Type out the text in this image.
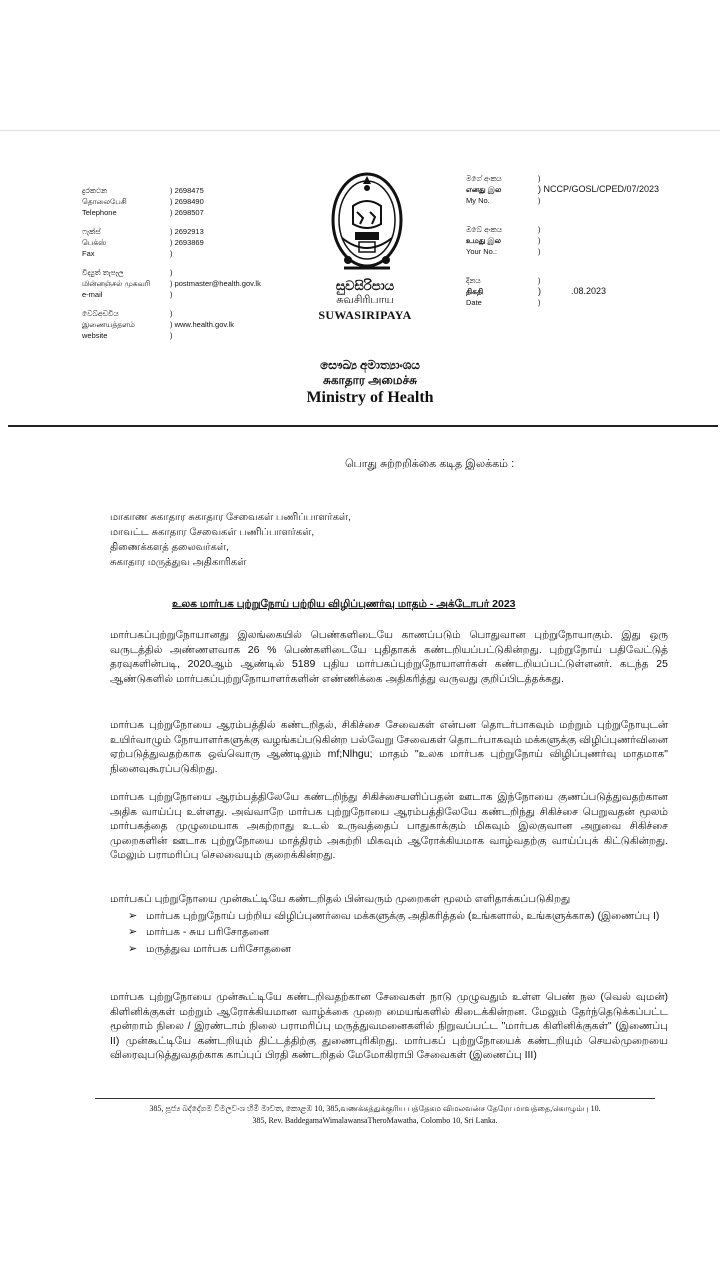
දුරකථන	) 2698475
தொலைபேசி	) 2698490
Telephone	) 2698507
ෆැක්ස්	) 2692913
பெக்ஸ்	) 2693869
Fax	)
විද්‍යුත් තැපෑල	)
மின்னஞ்சல் முகவரி	) postmaster@health.gov.lk
e-mail	)
වෙබ්අඩවිය	)
இணையத்தளம்	) www.health.gov.lk
website	)
සුවසිරිපාය
சுவசிரிபாய
SUWASIRIPAYA
මගේ අංකය	)
எனது இல	) NCCP/GOSL/CPED/07/2023
My No.	)
ඔබේ අංකය	)
உமது இல	)
Your No.:	)
දිනය	)
திகதி	)            .08.2023
Date	)
සෞඛ්‍ය අමාත්‍යාංශය
சுகாதார அமைச்சு
Ministry of Health
பொது சுற்றறிக்கை கடித இலக்கம் :
மாகாண சுகாதார சுகாதார சேவைகள் பணிப்பாளர்கள்,
மாவட்ட சுகாதார சேவைகள் பணிப்பாளர்கள்,
திணைக்களத் தலைவர்கள்,
சுகாதார மருத்துவ அதிகாரிகள்
உலக மார்பக புற்றுநோய் பற்றிய விழிப்புணர்வு மாதம் - அக்டோபர் 2023
மார்பகப்புற்றுநோயானது இலங்கையில் பெண்களிடையே காணப்படும் பொதுவான புற்றுநோயாகும். இது ஒரு வருடத்தில் அண்ணளவாக 26 % பெண்களிடையே புதிதாகக் கண்டறியப்பட்டுகின்றது. புற்றுநோய் பதிவேட்டுத் தரவுகளின்படி, 2020ஆம் ஆண்டில் 5189 புதிய மார்பகப்புற்றுநோயாளர்கள் கண்டறியப்பட்டுள்ளனர். கடந்த 25 ஆண்டுகளில் மார்பகப்புற்றுநோயாளர்களின் எண்ணிக்கை அதிகரித்து வருவது குறிப்பிடத்தக்கது.
மார்பக புற்றுநோயை ஆரம்பத்தில் கண்டறிதல், சிகிச்சை சேவைகள் என்பன தொடர்பாகவும் மற்றும் புற்றுநோயுடன் உயிர்வாழும் நோயாளர்களுக்கு வழங்கப்படுகின்ற பல்வேறு சேவைகள் தொடர்பாகவும் மக்களுக்கு விழிப்புணர்வினை ஏற்படுத்துவதற்காக ஒவ்வொரு ஆண்டிலும் mf;Nlhgu; மாதம் "உலக மார்பக புற்றுநோய் விழிப்புணர்வு மாதமாக" நினைவுகூரப்படுகிறது.
மார்பக புற்றுநோயை ஆரம்பத்திலேயே கண்டறிந்து சிகிச்சையளிப்பதன் ஊடாக இந்நோயை குணப்படுத்துவதற்கான அதிக வாய்ப்பு உள்ளது. அவ்வாறே மார்பக புற்றுநோயை ஆரம்பத்திலேயே கண்டறிந்து சிகிச்சை பெறுவதன் மூலம் மார்பகத்தை முழுமையாக அகற்றாது உடல் உருவத்தைப் பாதுகாக்கும் மிகவும் இலகுவான அறுவை சிகிச்சை முறைகளின் ஊடாக புற்றுநோயை மாத்திரம் அகற்றி மிகவும் ஆரோக்கியமாக வாழ்வதற்கு வாய்ப்புக் கிட்டுகின்றது. மேலும் பராமரிப்பு செலவையும் குறைக்கின்றது.
மார்பகப் புற்றுநோயை முன்கூட்டியே கண்டறிதல் பின்வரும் முறைகள் மூலம் எளிதாக்கப்படுகிறது
➢ மார்பக புற்றுநோய் பற்றிய விழிப்புணர்வை மக்களுக்கு அதிகரித்தல் (உங்களால், உங்களுக்காக) (இணைப்பு I)
➢ மார்பக - சுய பரிசோதனை
➢ மருத்துவ மார்பக பரிசோதனை
மார்பக புற்றுநோயை முன்கூட்டியே கண்டறிவதற்கான சேவைகள் நாடு முழுவதும் உள்ள பெண் நல (வெல் வுமன்) கிளினிக்குகள் மற்றும் ஆரோக்கியமான வாழ்க்கை முறை மையங்களில் கிடைக்கின்றன. மேலும் தேர்ந்தெடுக்கப்பட்ட மூன்றாம் நிலை / இரண்டாம் நிலை பராமரிப்பு மருத்துவமனைகளில் நிறுவப்பட்ட "மார்பக கிளினிக்குகள்" (இணைப்பு II) முன்கூட்டியே கண்டறியும் திட்டத்திற்கு துணைபுரிகிறது. மார்பகப் புற்றுநோயைக் கண்டறியும் செயல்முறையை விரைவுபடுத்துவதற்காக காப்புப் பிரதி கண்டறிதல் மேமோகிராபி சேவைகள் (இணைப்பு III)
385, පූජ්‍ය බද්දේගම විමලවංශ හිමි මාවත, කොළඹ 10, 385,வணக்கத்துக்குரிய பத்தேகம விமலவன்ச தேரோ மாவத்தை,கொழும்பு 10.
385, Rev. BaddegamaWimalawansaTheroMawatha, Colombo 10, Sri Lanka.
